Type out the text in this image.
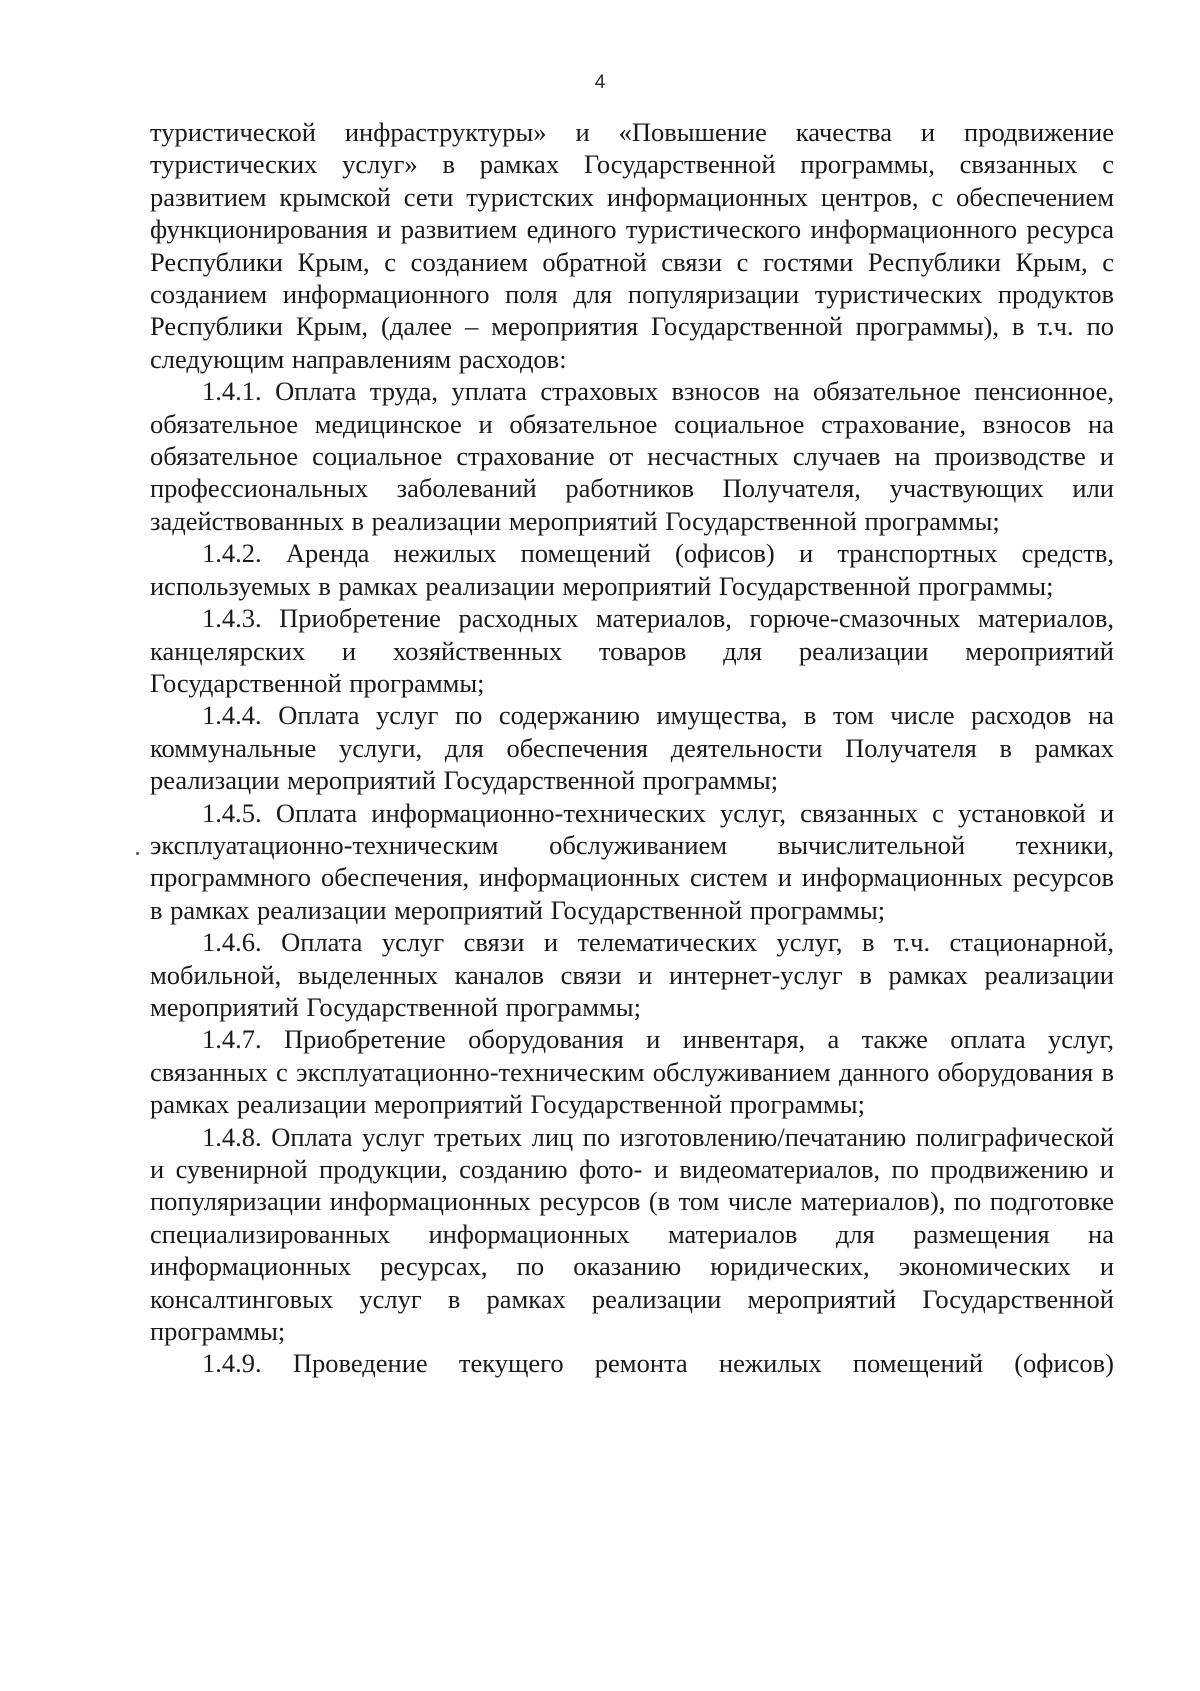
4

туристической инфраструктуры» и «Повышение качества и продвижение туристических услуг» в рамках Государственной программы, связанных с развитием крымской сети туристских информационных центров, с обеспечением функционирования и развитием единого туристического информационного ресурса Республики Крым, с созданием обратной связи с гостями Республики Крым, с созданием информационного поля для популяризации туристических продуктов Республики Крым, (далее – мероприятия Государственной программы), в т.ч. по следующим направлениям расходов:

1.4.1. Оплата труда, уплата страховых взносов на обязательное пенсионное, обязательное медицинское и обязательное социальное страхование, взносов на обязательное социальное страхование от несчастных случаев на производстве и профессиональных заболеваний работников Получателя, участвующих или задействованных в реализации мероприятий Государственной программы;

1.4.2. Аренда нежилых помещений (офисов) и транспортных средств, используемых в рамках реализации мероприятий Государственной программы;

1.4.3. Приобретение расходных материалов, горюче-смазочных материалов, канцелярских и хозяйственных товаров для реализации мероприятий Государственной программы;

1.4.4. Оплата услуг по содержанию имущества, в том числе расходов на коммунальные услуги, для обеспечения деятельности Получателя в рамках реализации мероприятий Государственной программы;

1.4.5. Оплата информационно-технических услуг, связанных с установкой и эксплуатационно-техническим обслуживанием вычислительной техники, программного обеспечения, информационных систем и информационных ресурсов в рамках реализации мероприятий Государственной программы;

1.4.6. Оплата услуг связи и телематических услуг, в т.ч. стационарной, мобильной, выделенных каналов связи и интернет-услуг в рамках реализации мероприятий Государственной программы;

1.4.7. Приобретение оборудования и инвентаря, а также оплата услуг, связанных с эксплуатационно-техническим обслуживанием данного оборудования в рамках реализации мероприятий Государственной программы;

1.4.8. Оплата услуг третьих лиц по изготовлению/печатанию полиграфической и сувенирной продукции, созданию фото- и видеоматериалов, по продвижению и популяризации информационных ресурсов (в том числе материалов), по подготовке специализированных информационных материалов для размещения на информационных ресурсах, по оказанию юридических, экономических и консалтинговых услуг в рамках реализации мероприятий Государственной программы;

1.4.9. Проведение текущего ремонта нежилых помещений (офисов)
